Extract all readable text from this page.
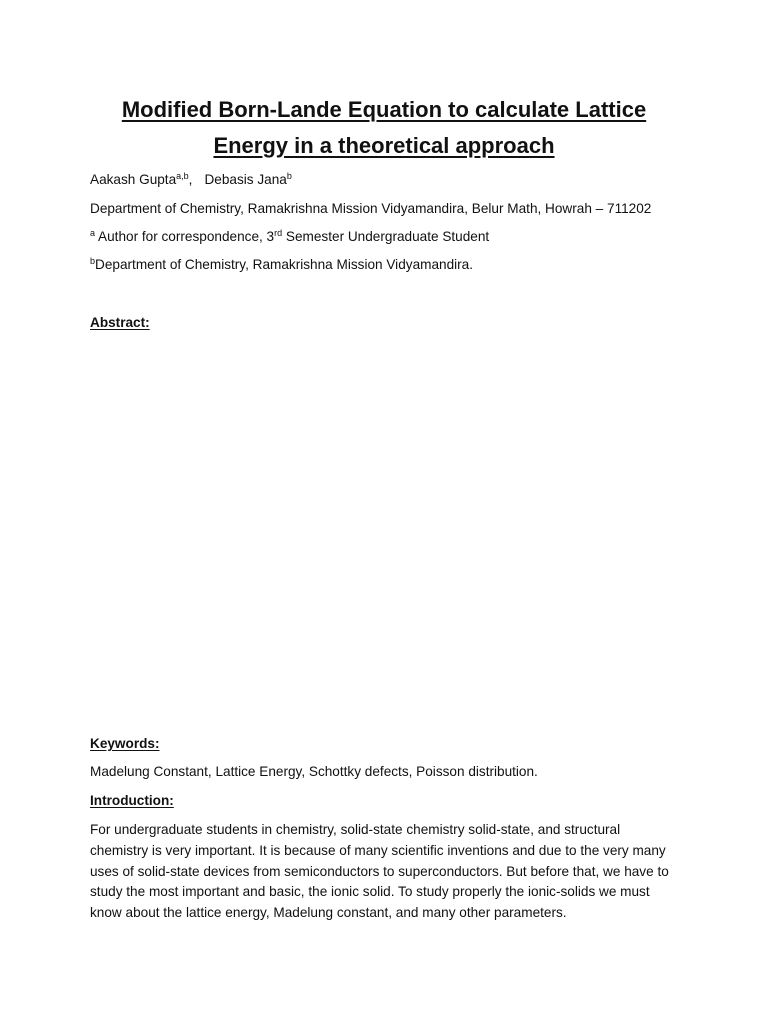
Modified Born-Lande Equation to calculate Lattice
Energy in a theoretical approach
Aakash Gupta$^{a,b}$, Debasis Jana$^b$
Department of Chemistry, Ramakrishna Mission Vidyamandira, Belur Math, Howrah – 711202
$^a$ Author for correspondence, 3rd Semester Undergraduate Student
$^b$Department of Chemistry, Ramakrishna Mission Vidyamandira.
Abstract:
Keywords:
Madelung Constant, Lattice Energy, Schottky defects, Poisson distribution.
Introduction:

For undergraduate students in chemistry, solid-state chemistry solid-state, and structural chemistry is very important. It is because of many scientific inventions and due to the very many uses of solid-state devices from semiconductors to superconductors. But before that, we have to study the most important and basic, the ionic solid. To study properly the ionic-solids we must know about the lattice energy, Madelung constant, and many other parameters.
